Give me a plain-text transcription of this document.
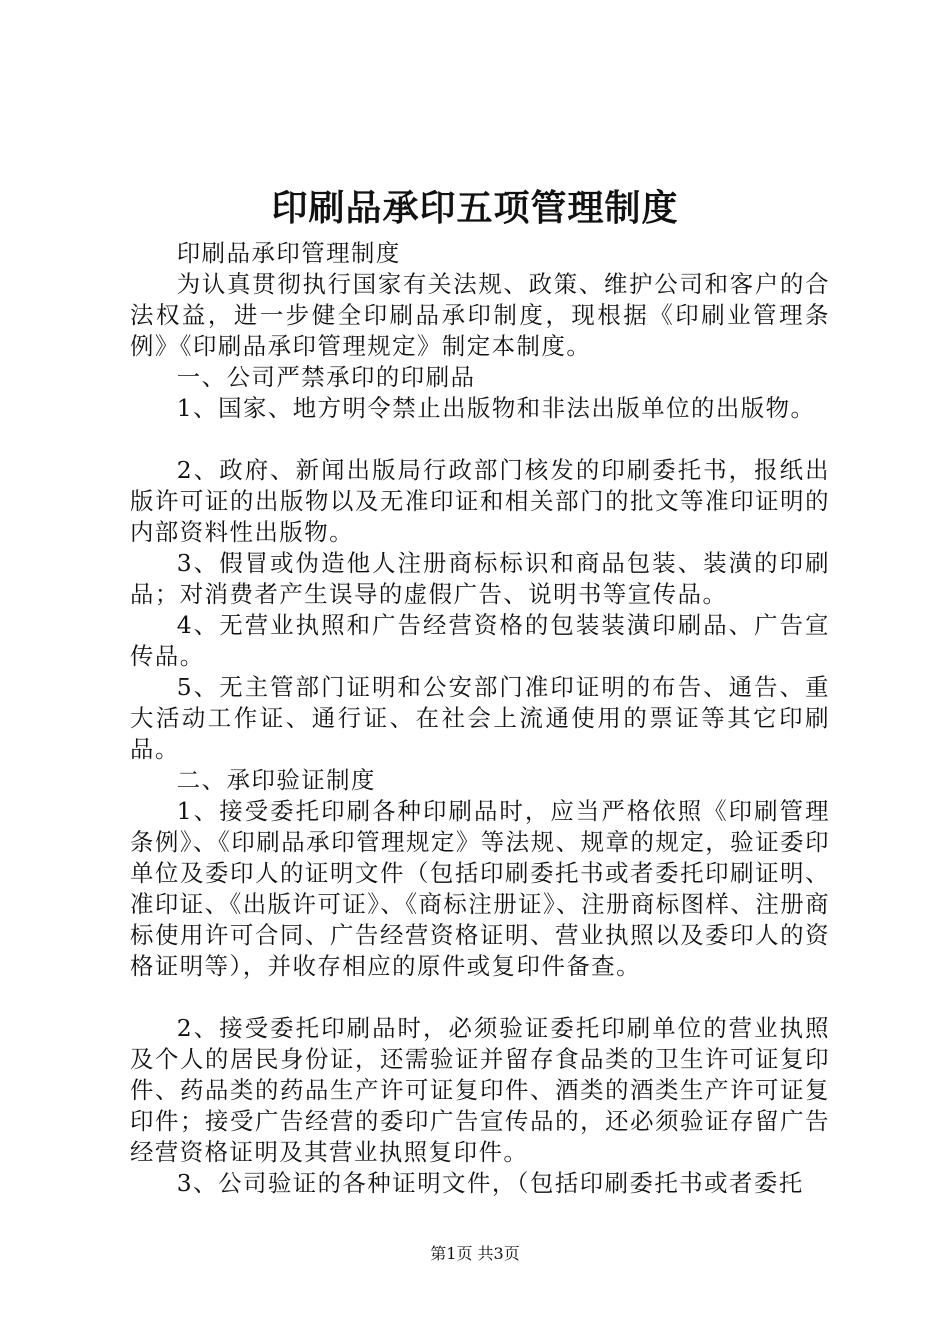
印刷品承印五项管理制度

印刷品承印管理制度

为认真贯彻执行国家有关法规、政策、维护公司和客户的合法权益，进一步健全印刷品承印制度，现根据《印刷业管理条例》《印刷品承印管理规定》制定本制度。

一、公司严禁承印的印刷品

1、国家、地方明令禁止出版物和非法出版单位的出版物。

2、政府、新闻出版局行政部门核发的印刷委托书，报纸出版许可证的出版物以及无准印证和相关部门的批文等准印证明的内部资料性出版物。

3、假冒或伪造他人注册商标标识和商品包装、装潢的印刷品；对消费者产生误导的虚假广告、说明书等宣传品。

4、无营业执照和广告经营资格的包装装潢印刷品、广告宣传品。

5、无主管部门证明和公安部门准印证明的布告、通告、重大活动工作证、通行证、在社会上流通使用的票证等其它印刷品。

二、承印验证制度

1、接受委托印刷各种印刷品时，应当严格依照《印刷管理条例》、《印刷品承印管理规定》等法规、规章的规定，验证委印单位及委印人的证明文件（包括印刷委托书或者委托印刷证明、准印证、《出版许可证》、《商标注册证》、注册商标图样、注册商标使用许可合同、广告经营资格证明、营业执照以及委印人的资格证明等），并收存相应的原件或复印件备查。

2、接受委托印刷品时，必须验证委托印刷单位的营业执照及个人的居民身份证，还需验证并留存食品类的卫生许可证复印件、药品类的药品生产许可证复印件、酒类的酒类生产许可证复印件；接受广告经营的委印广告宣传品的，还必须验证存留广告经营资格证明及其营业执照复印件。

3、公司验证的各种证明文件，（包括印刷委托书或者委托

第1页 共3页
